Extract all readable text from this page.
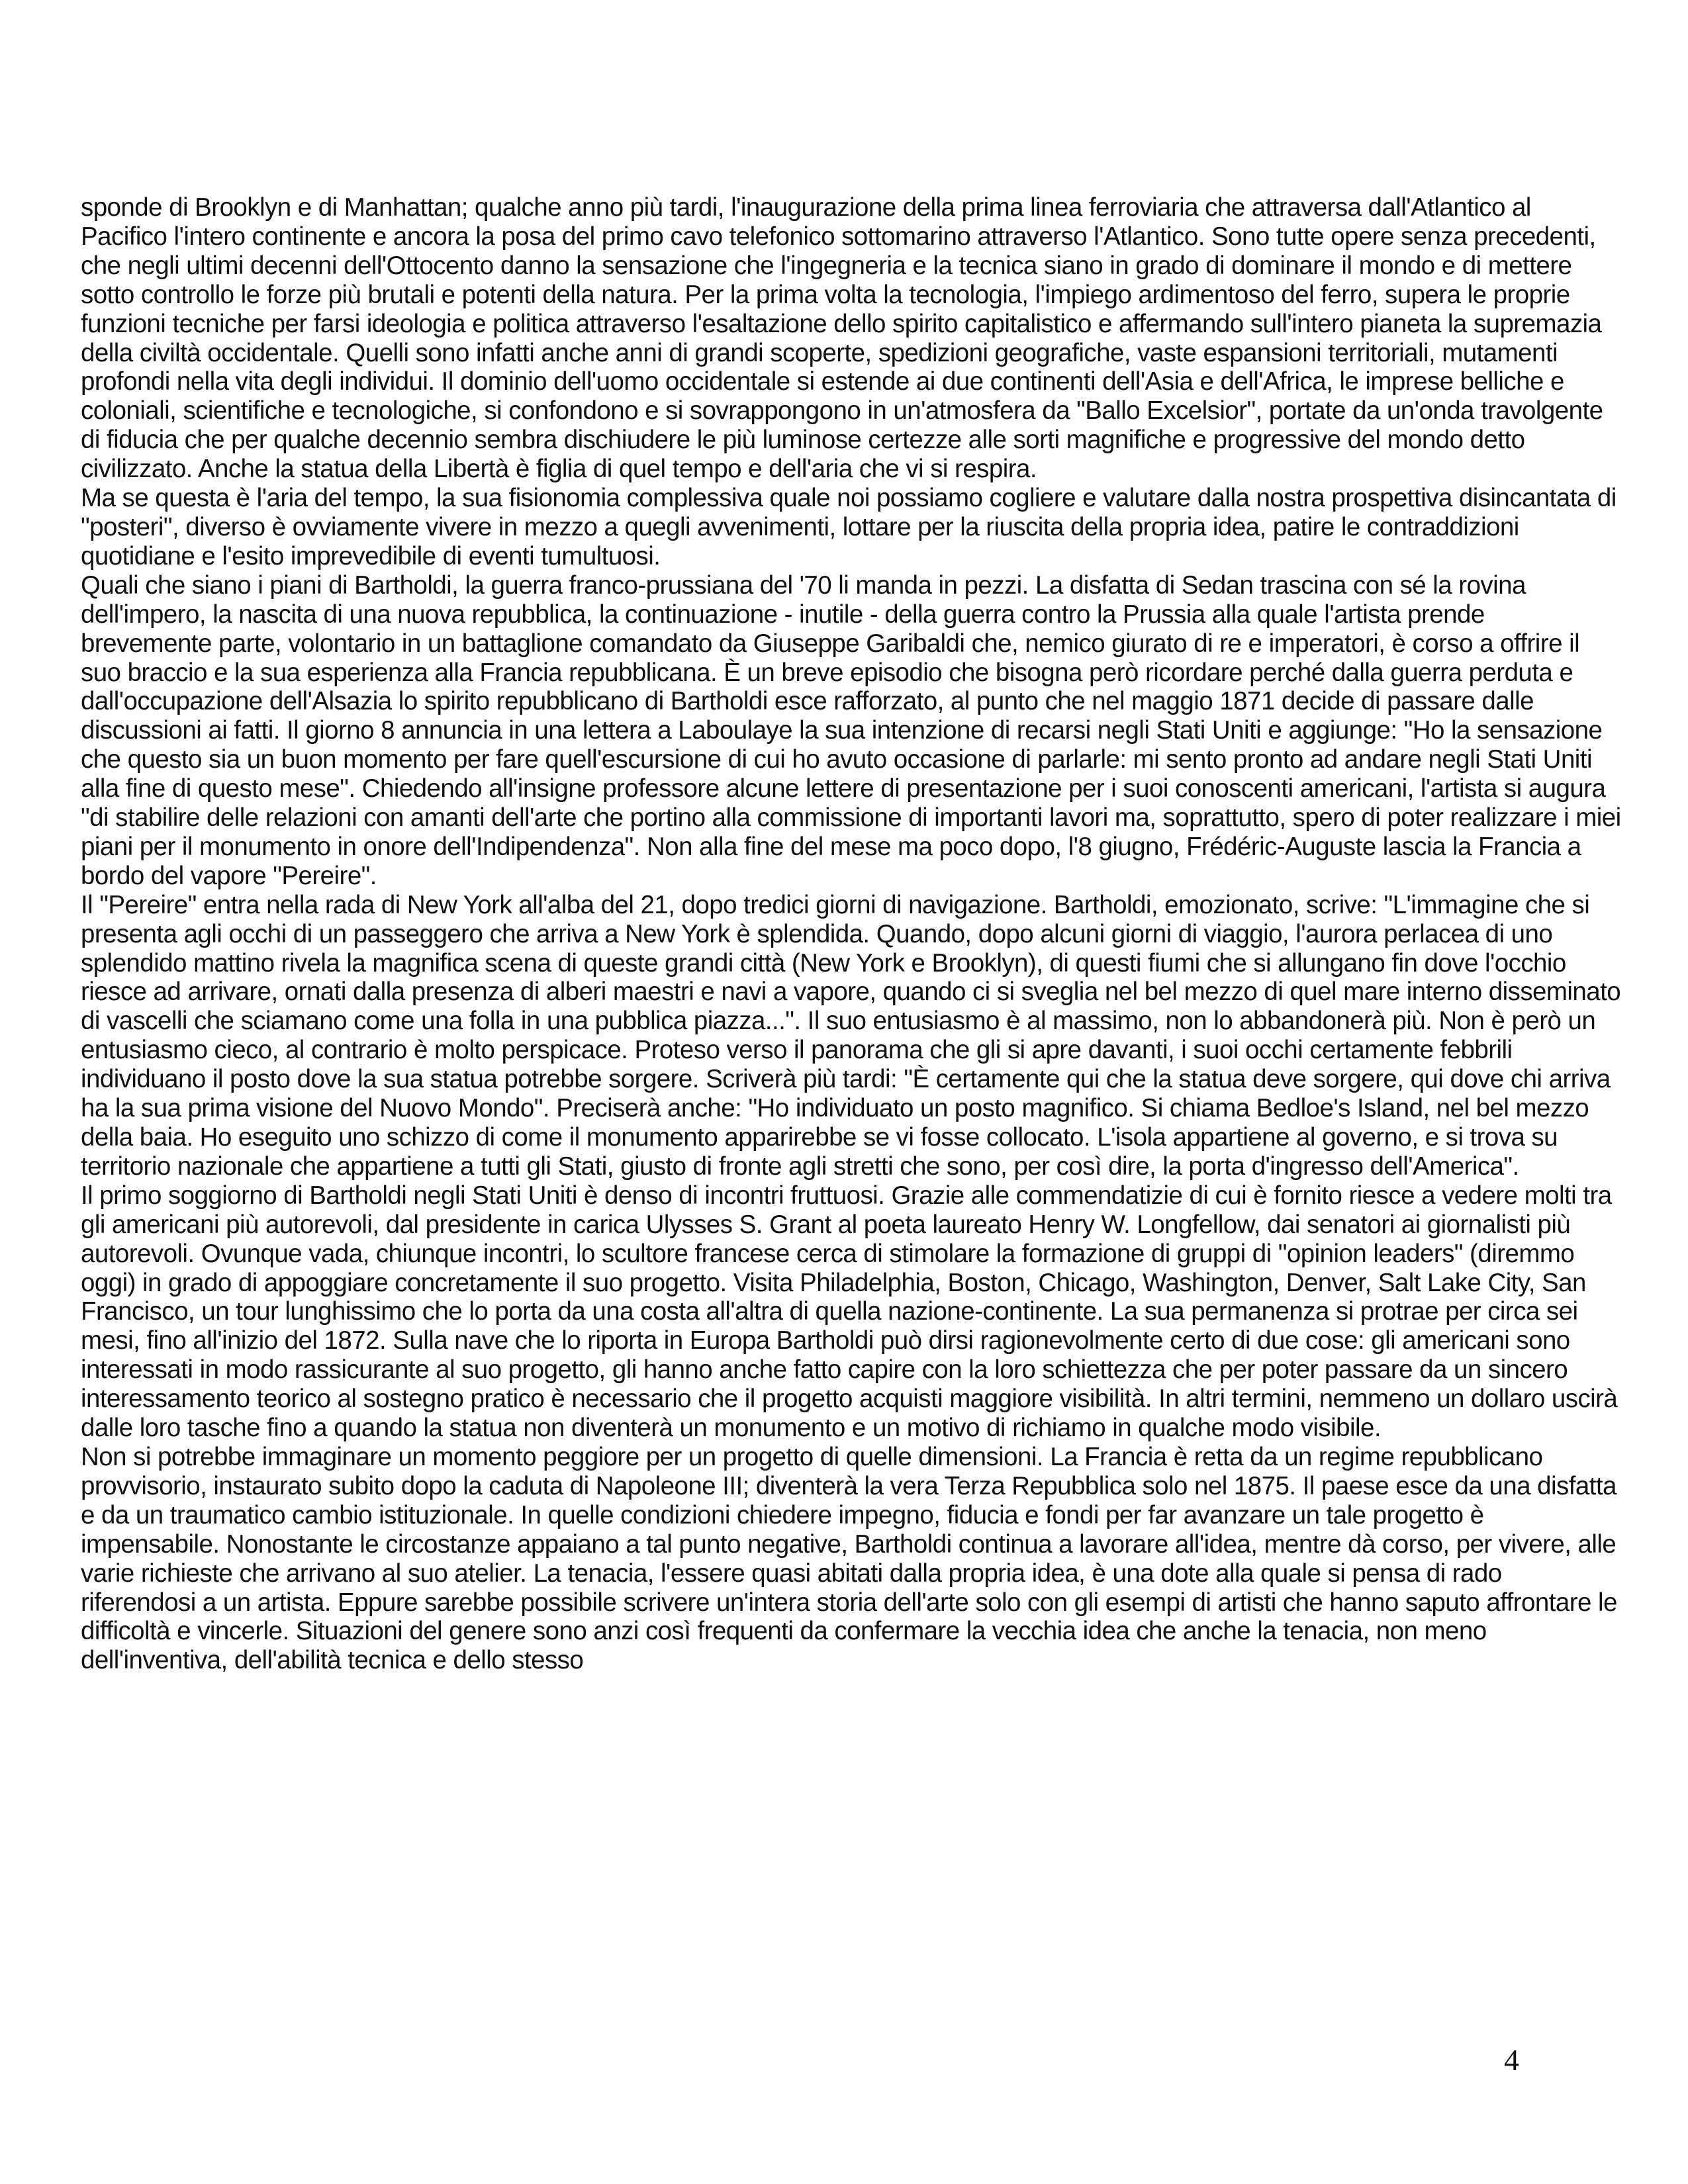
sponde di Brooklyn e di Manhattan; qualche anno più tardi, l'inaugurazione della prima linea ferroviaria che attraversa dall'Atlantico al Pacifico l'intero continente e ancora la posa del primo cavo telefonico sottomarino attraverso l'Atlantico. Sono tutte opere senza precedenti, che negli ultimi decenni dell'Ottocento danno la sensazione che l'ingegneria e la tecnica siano in grado di dominare il mondo e di mettere sotto controllo le forze più brutali e potenti della natura. Per la prima volta la tecnologia, l'impiego ardimentoso del ferro, supera le proprie funzioni tecniche per farsi ideologia e politica attraverso l'esaltazione dello spirito capitalistico e affermando sull'intero pianeta la supremazia della civiltà occidentale. Quelli sono infatti anche anni di grandi scoperte, spedizioni geografiche, vaste espansioni territoriali, mutamenti profondi nella vita degli individui. Il dominio dell'uomo occidentale si estende ai due continenti dell'Asia e dell'Africa, le imprese belliche e coloniali, scientifiche e tecnologiche, si confondono e si sovrappongono in un'atmosfera da "Ballo Excelsior", portate da un'onda travolgente di fiducia che per qualche decennio sembra dischiudere le più luminose certezze alle sorti magnifiche e progressive del mondo detto civilizzato. Anche la statua della Libertà è figlia di quel tempo e dell'aria che vi si respira.

Ma se questa è l'aria del tempo, la sua fisionomia complessiva quale noi possiamo cogliere e valutare dalla nostra prospettiva disincantata di "posteri", diverso è ovviamente vivere in mezzo a quegli avvenimenti, lottare per la riuscita della propria idea, patire le contraddizioni quotidiane e l'esito imprevedibile di eventi tumultuosi.

Quali che siano i piani di Bartholdi, la guerra franco-prussiana del '70 li manda in pezzi. La disfatta di Sedan trascina con sé la rovina dell'impero, la nascita di una nuova repubblica, la continuazione - inutile - della guerra contro la Prussia alla quale l'artista prende brevemente parte, volontario in un battaglione comandato da Giuseppe Garibaldi che, nemico giurato di re e imperatori, è corso a offrire il suo braccio e la sua esperienza alla Francia repubblicana. È un breve episodio che bisogna però ricordare perché dalla guerra perduta e dall'occupazione dell'Alsazia lo spirito repubblicano di Bartholdi esce rafforzato, al punto che nel maggio 1871 decide di passare dalle discussioni ai fatti. Il giorno 8 annuncia in una lettera a Laboulaye la sua intenzione di recarsi negli Stati Uniti e aggiunge: "Ho la sensazione che questo sia un buon momento per fare quell'escursione di cui ho avuto occasione di parlarle: mi sento pronto ad andare negli Stati Uniti alla fine di questo mese". Chiedendo all'insigne professore alcune lettere di presentazione per i suoi conoscenti americani, l'artista si augura "di stabilire delle relazioni con amanti dell'arte che portino alla commissione di importanti lavori ma, soprattutto, spero di poter realizzare i miei piani per il monumento in onore dell'Indipendenza". Non alla fine del mese ma poco dopo, l'8 giugno, Frédéric-Auguste lascia la Francia a bordo del vapore "Pereire".

Il "Pereire" entra nella rada di New York all'alba del 21, dopo tredici giorni di navigazione. Bartholdi, emozionato, scrive: "L'immagine che si presenta agli occhi di un passeggero che arriva a New York è splendida. Quando, dopo alcuni giorni di viaggio, l'aurora perlacea di uno splendido mattino rivela la magnifica scena di queste grandi città (New York e Brooklyn), di questi fiumi che si allungano fin dove l'occhio riesce ad arrivare, ornati dalla presenza di alberi maestri e navi a vapore, quando ci si sveglia nel bel mezzo di quel mare interno disseminato di vascelli che sciamano come una folla in una pubblica piazza...". Il suo entusiasmo è al massimo, non lo abbandonerà più. Non è però un entusiasmo cieco, al contrario è molto perspicace. Proteso verso il panorama che gli si apre davanti, i suoi occhi certamente febbrili individuano il posto dove la sua statua potrebbe sorgere. Scriverà più tardi: "È certamente qui che la statua deve sorgere, qui dove chi arriva ha la sua prima visione del Nuovo Mondo". Preciserà anche: "Ho individuato un posto magnifico. Si chiama Bedloe's Island, nel bel mezzo della baia. Ho eseguito uno schizzo di come il monumento apparirebbe se vi fosse collocato. L'isola appartiene al governo, e si trova su territorio nazionale che appartiene a tutti gli Stati, giusto di fronte agli stretti che sono, per così dire, la porta d'ingresso dell'America".

Il primo soggiorno di Bartholdi negli Stati Uniti è denso di incontri fruttuosi. Grazie alle commendatizie di cui è fornito riesce a vedere molti tra gli americani più autorevoli, dal presidente in carica Ulysses S. Grant al poeta laureato Henry W. Longfellow, dai senatori ai giornalisti più autorevoli. Ovunque vada, chiunque incontri, lo scultore francese cerca di stimolare la formazione di gruppi di "opinion leaders" (diremmo oggi) in grado di appoggiare concretamente il suo progetto. Visita Philadelphia, Boston, Chicago, Washington, Denver, Salt Lake City, San Francisco, un tour lunghissimo che lo porta da una costa all'altra di quella nazione-continente. La sua permanenza si protrae per circa sei mesi, fino all'inizio del 1872. Sulla nave che lo riporta in Europa Bartholdi può dirsi ragionevolmente certo di due cose: gli americani sono interessati in modo rassicurante al suo progetto, gli hanno anche fatto capire con la loro schiettezza che per poter passare da un sincero interessamento teorico al sostegno pratico è necessario che il progetto acquisti maggiore visibilità. In altri termini, nemmeno un dollaro uscirà dalle loro tasche fino a quando la statua non diventerà un monumento e un motivo di richiamo in qualche modo visibile.

Non si potrebbe immaginare un momento peggiore per un progetto di quelle dimensioni. La Francia è retta da un regime repubblicano provvisorio, instaurato subito dopo la caduta di Napoleone III; diventerà la vera Terza Repubblica solo nel 1875. Il paese esce da una disfatta e da un traumatico cambio istituzionale. In quelle condizioni chiedere impegno, fiducia e fondi per far avanzare un tale progetto è impensabile. Nonostante le circostanze appaiano a tal punto negative, Bartholdi continua a lavorare all'idea, mentre dà corso, per vivere, alle varie richieste che arrivano al suo atelier. La tenacia, l'essere quasi abitati dalla propria idea, è una dote alla quale si pensa di rado riferendosi a un artista. Eppure sarebbe possibile scrivere un'intera storia dell'arte solo con gli esempi di artisti che hanno saputo affrontare le difficoltà e vincerle. Situazioni del genere sono anzi così frequenti da confermare la vecchia idea che anche la tenacia, non meno dell'inventiva, dell'abilità tecnica e dello stesso

4
